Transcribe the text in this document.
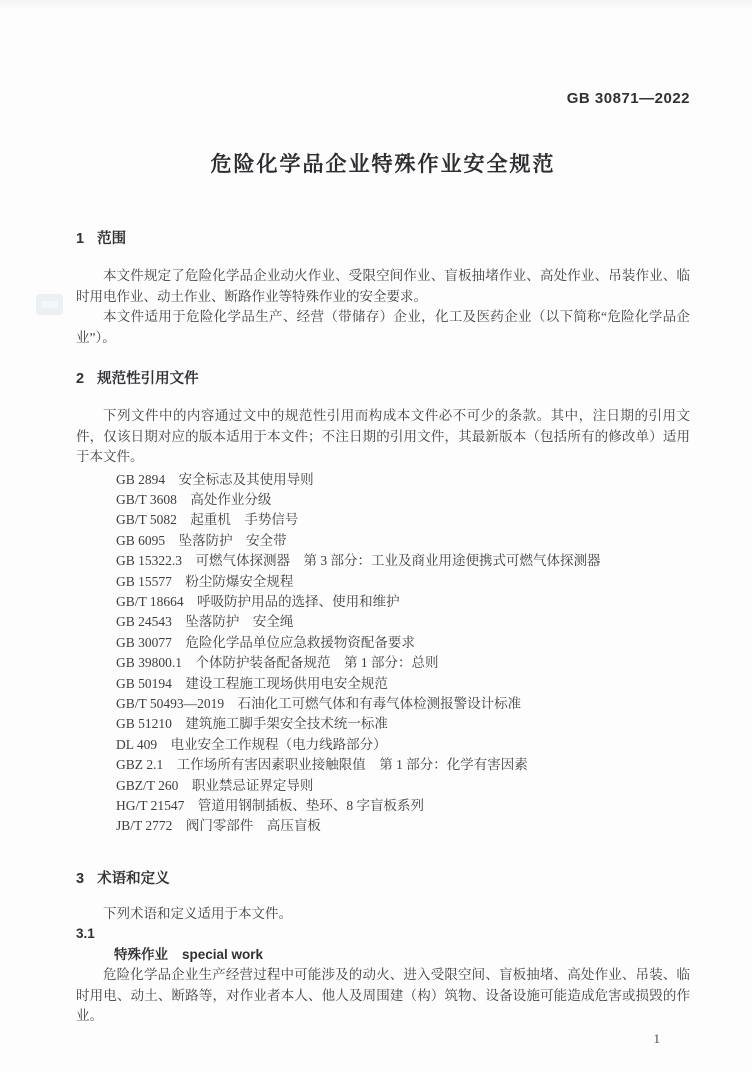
GB 30871—2022
危险化学品企业特殊作业安全规范
1 范围

本文件规定了危险化学品企业动火作业、受限空间作业、盲板抽堵作业、高处作业、吊装作业、临时用电作业、动土作业、断路作业等特殊作业的安全要求。

本文件适用于危险化学品生产、经营（带储存）企业，化工及医药企业（以下简称“危险化学品企业”）。

2 规范性引用文件

下列文件中的内容通过文中的规范性引用而构成本文件必不可少的条款。其中，注日期的引用文件，仅该日期对应的版本适用于本文件；不注日期的引用文件，其最新版本（包括所有的修改单）适用于本文件。

GB 2894　安全标志及其使用导则
GB/T 3608　高处作业分级
GB/T 5082　起重机　手势信号
GB 6095　坠落防护　安全带
GB 15322.3　可燃气体探测器　第 3 部分：工业及商业用途便携式可燃气体探测器
GB 15577　粉尘防爆安全规程
GB/T 18664　呼吸防护用品的选择、使用和维护
GB 24543　坠落防护　安全绳
GB 30077　危险化学品单位应急救援物资配备要求
GB 39800.1　个体防护装备配备规范　第 1 部分：总则
GB 50194　建设工程施工现场供用电安全规范
GB/T 50493—2019　石油化工可燃气体和有毒气体检测报警设计标准
GB 51210　建筑施工脚手架安全技术统一标准
DL 409　电业安全工作规程（电力线路部分）
GBZ 2.1　工作场所有害因素职业接触限值　第 1 部分：化学有害因素
GBZ/T 260　职业禁忌证界定导则
HG/T 21547　管道用钢制插板、垫环、8 字盲板系列
JB/T 2772　阀门零部件　高压盲板
3 术语和定义

下列术语和定义适用于本文件。

3.1
特殊作业 special work

危险化学品企业生产经营过程中可能涉及的动火、进入受限空间、盲板抽堵、高处作业、吊装、临时用电、动土、断路等，对作业者本人、他人及周围建（构）筑物、设备设施可能造成危害或损毁的作业。

1
